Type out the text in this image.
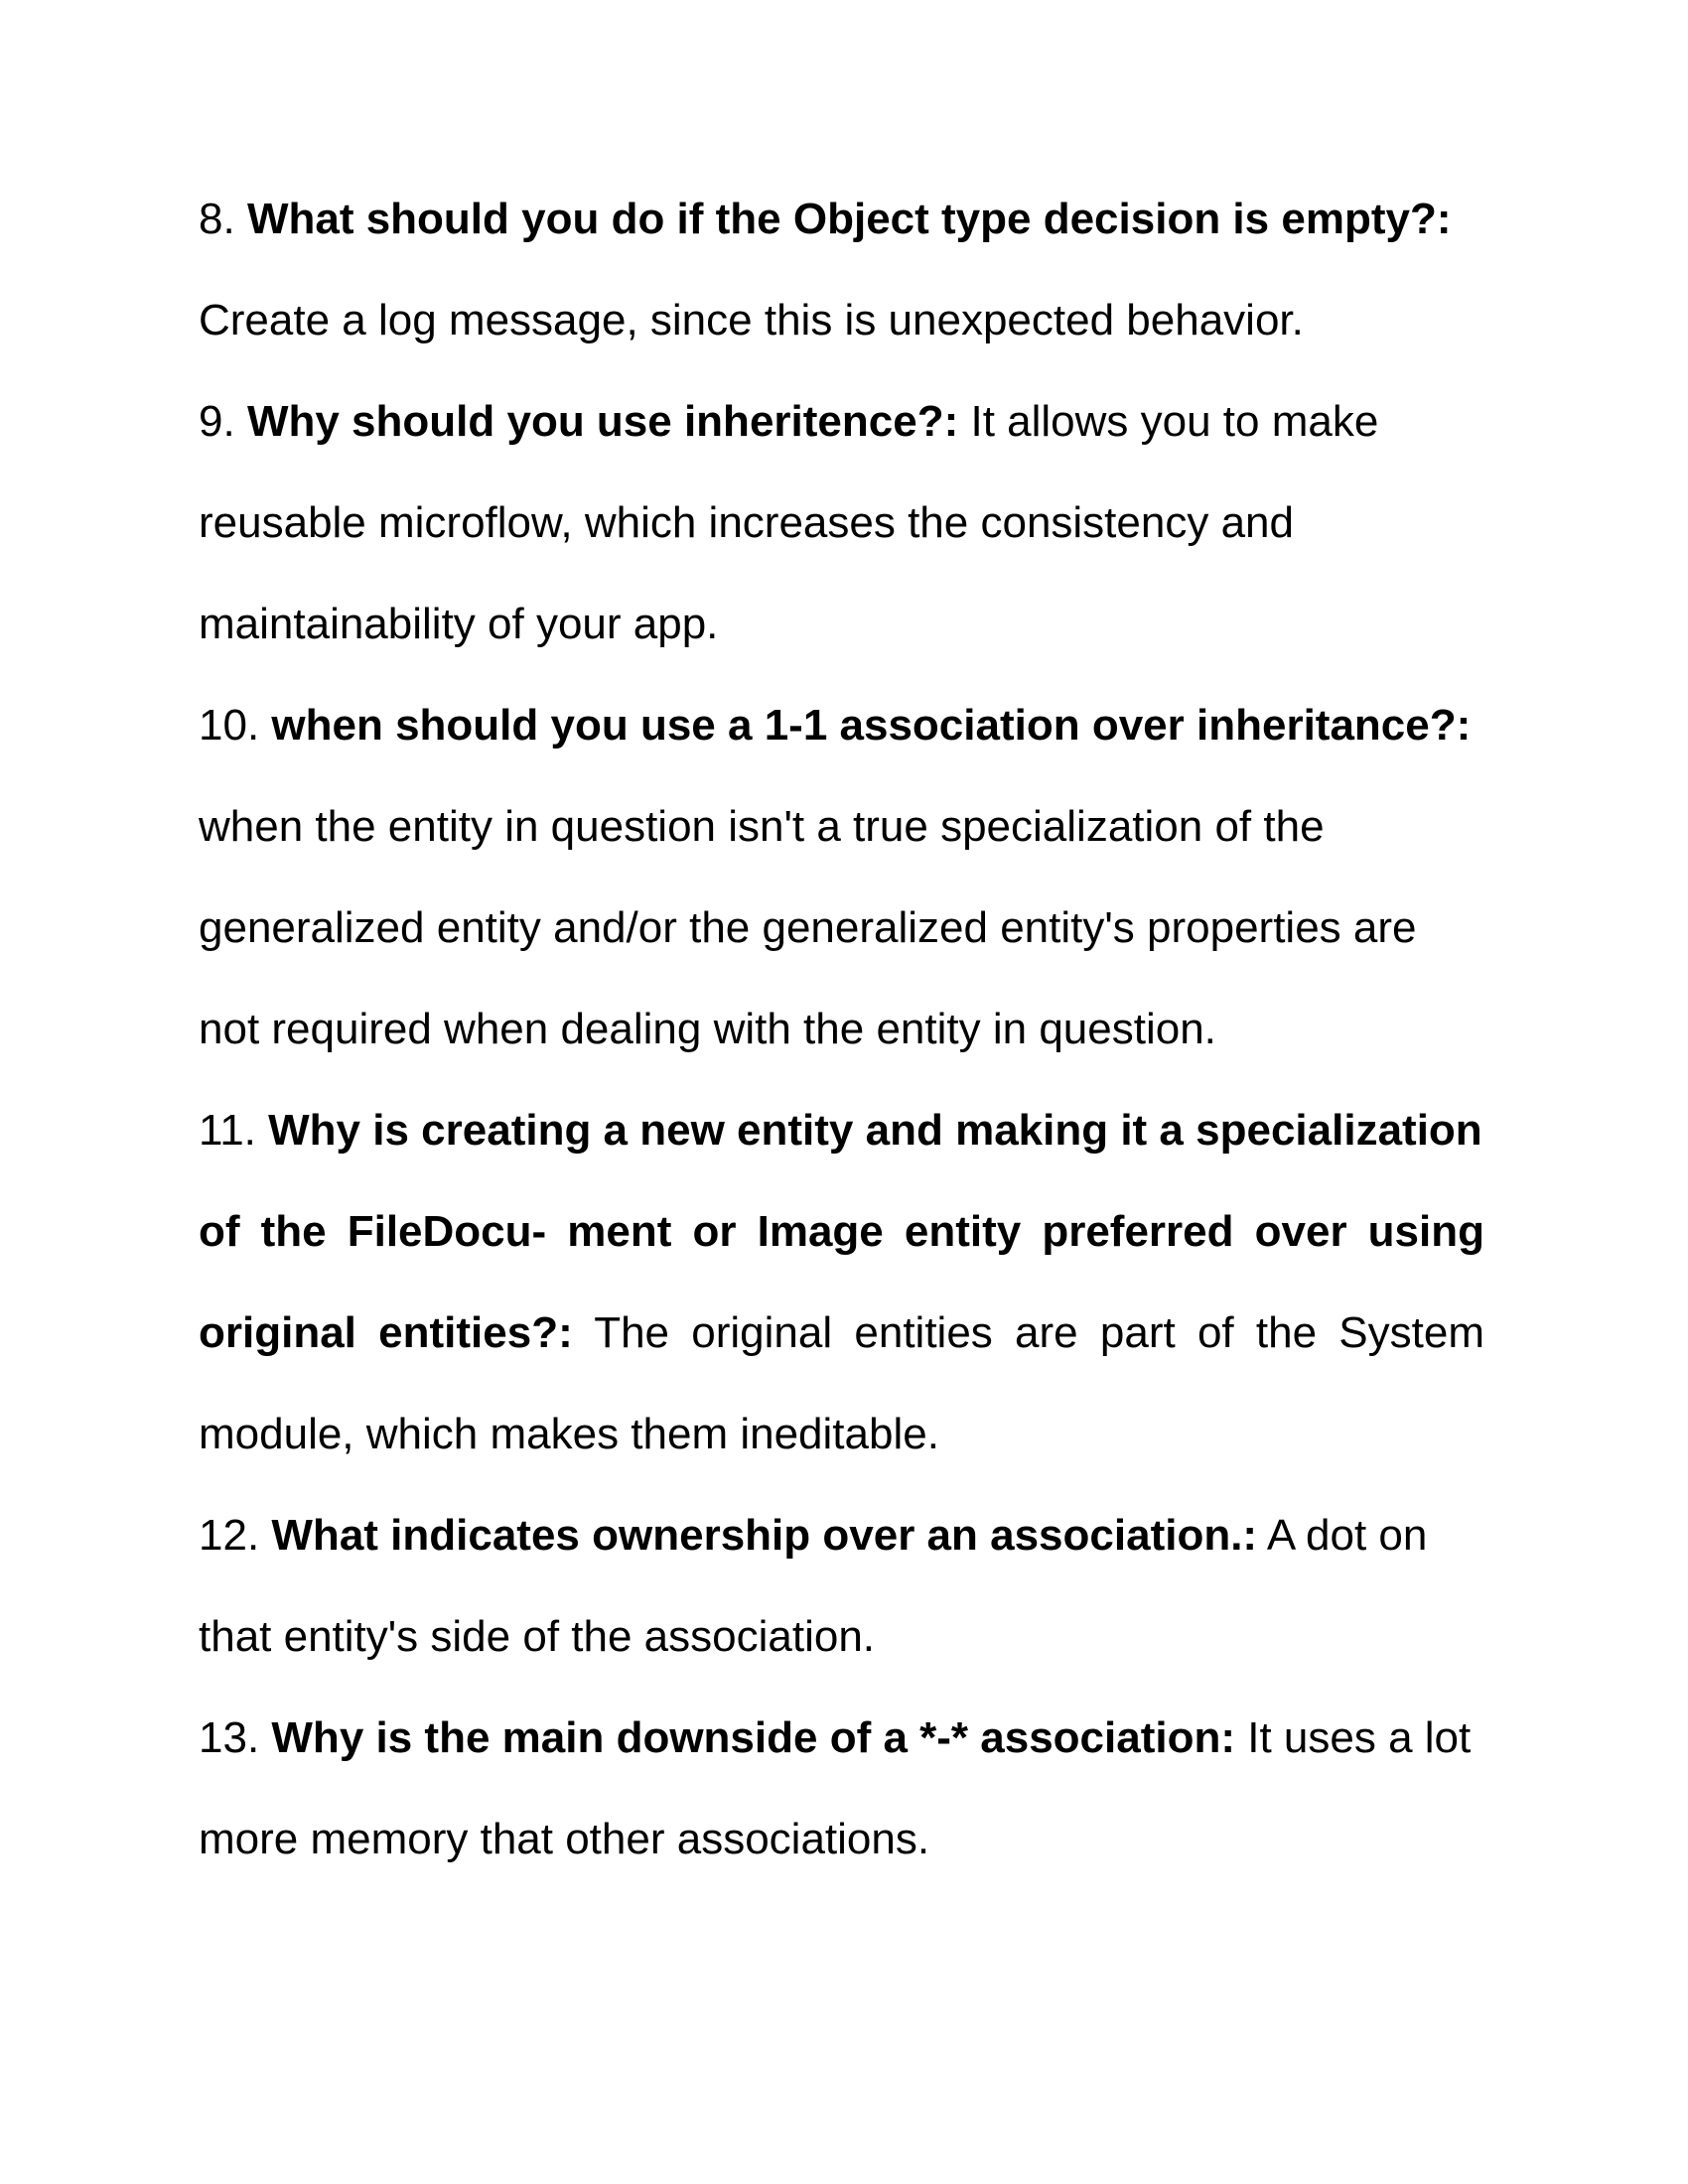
8. What should you do if the Object type decision is empty?:
Create a log message, since this is unexpected behavior.
9. Why should you use inheritence?: It allows you to make
reusable microflow, which increases the consistency and
maintainability of your app.
10. when should you use a 1-1 association over inheritance?:
when the entity in question isn't a true specialization of the
generalized entity and/or the generalized entity's properties are
not required when dealing with the entity in question.
11. Why is creating a new entity and making it a specialization
of the FileDocu- ment or Image entity preferred over using
original entities?: The original entities are part of the System
module, which makes them ineditable.
12. What indicates ownership over an association.: A dot on
that entity's side of the association.
13. Why is the main downside of a *-* association: It uses a lot
more memory that other associations.
